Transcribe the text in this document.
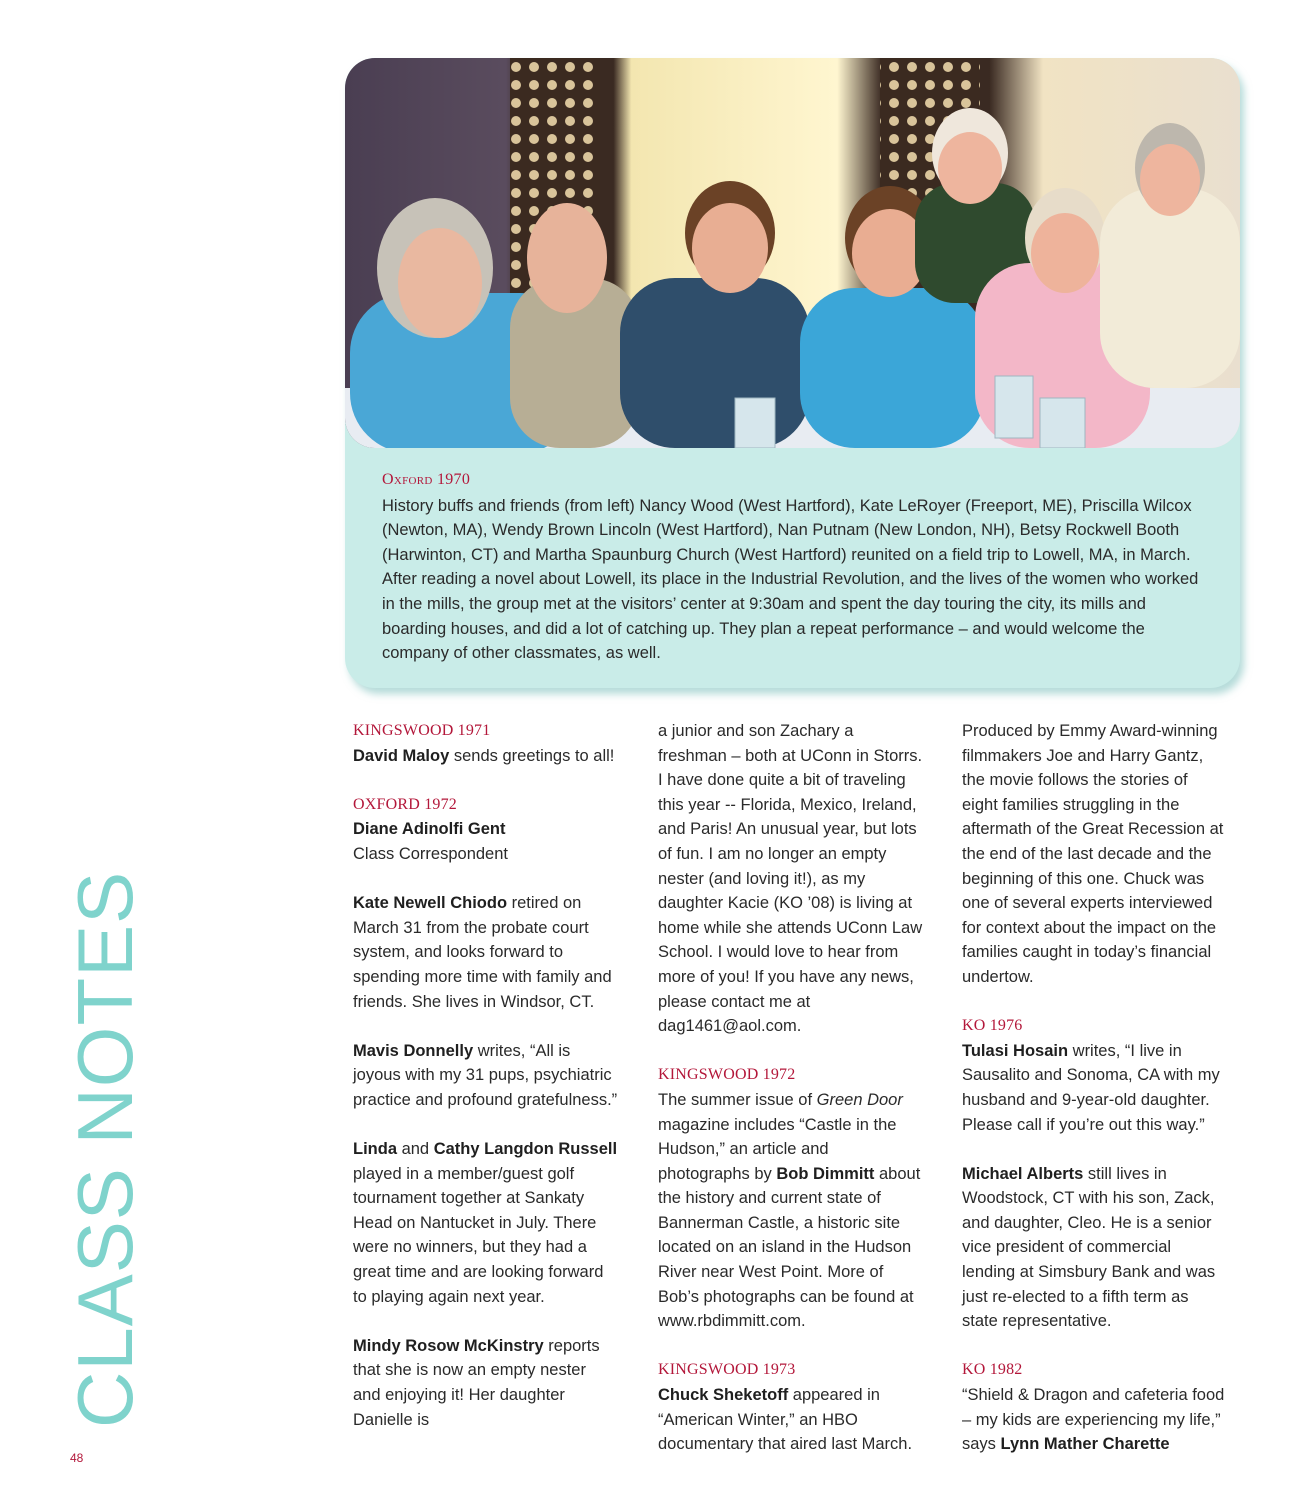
Oxford 1970
History buffs and friends (from left) Nancy Wood (West Hartford), Kate LeRoyer (Freeport, ME), Priscilla Wilcox (Newton, MA), Wendy Brown Lincoln (West Hartford), Nan Putnam (New London, NH), Betsy Rockwell Booth (Harwinton, CT) and Martha Spaunburg Church (West Hartford) reunited on a field trip to Lowell, MA, in March. After reading a novel about Lowell, its place in the Industrial Revolution, and the lives of the women who worked in the mills, the group met at the visitors’ center at 9:30am and spent the day touring the city, its mills and boarding houses, and did a lot of catching up. They plan a repeat performance – and would welcome the company of other classmates, as well.

KINGSWOOD 1971
David Maloy sends greetings to all!

OXFORD 1972
Diane Adinolfi Gent
Class Correspondent

Kate Newell Chiodo retired on March 31 from the probate court system, and looks forward to spending more time with family and friends. She lives in Windsor, CT.

Mavis Donnelly writes, “All is joyous with my 31 pups, psychiatric practice and profound gratefulness.”

Linda and Cathy Langdon Russell played in a member/guest golf tournament together at Sankaty Head on Nantucket in July. There were no winners, but they had a great time and are looking forward to playing again next year.

Mindy Rosow McKinstry reports that she is now an empty nester and enjoying it! Her daughter Danielle is

a junior and son Zachary a freshman – both at UConn in Storrs.

I have done quite a bit of traveling this year -- Florida, Mexico, Ireland, and Paris! An unusual year, but lots of fun. I am no longer an empty nester (and loving it!), as my daughter Kacie (KO ’08) is living at home while she attends UConn Law School. I would love to hear from more of you! If you have any news, please contact me at dag1461@aol.com.

KINGSWOOD 1972
The summer issue of Green Door magazine includes “Castle in the Hudson,” an article and photographs by Bob Dimmitt about the history and current state of Bannerman Castle, a historic site located on an island in the Hudson River near West Point. More of Bob’s photographs can be found at www.rbdimmitt.com.

KINGSWOOD 1973
Chuck Sheketoff appeared in “American Winter,” an HBO documentary that aired last March.

Produced by Emmy Award-winning filmmakers Joe and Harry Gantz, the movie follows the stories of eight families struggling in the aftermath of the Great Recession at the end of the last decade and the beginning of this one. Chuck was one of several experts interviewed for context about the impact on the families caught in today’s financial undertow.

KO 1976
Tulasi Hosain writes, “I live in Sausalito and Sonoma, CA with my husband and 9-year-old daughter. Please call if you’re out this way.”

Michael Alberts still lives in Woodstock, CT with his son, Zack, and daughter, Cleo. He is a senior vice president of commercial lending at Simsbury Bank and was just re-elected to a fifth term as state representative.

KO 1982
“Shield & Dragon and cafeteria food – my kids are experiencing my life,” says Lynn Mather Charette

CLASS NOTES
48
